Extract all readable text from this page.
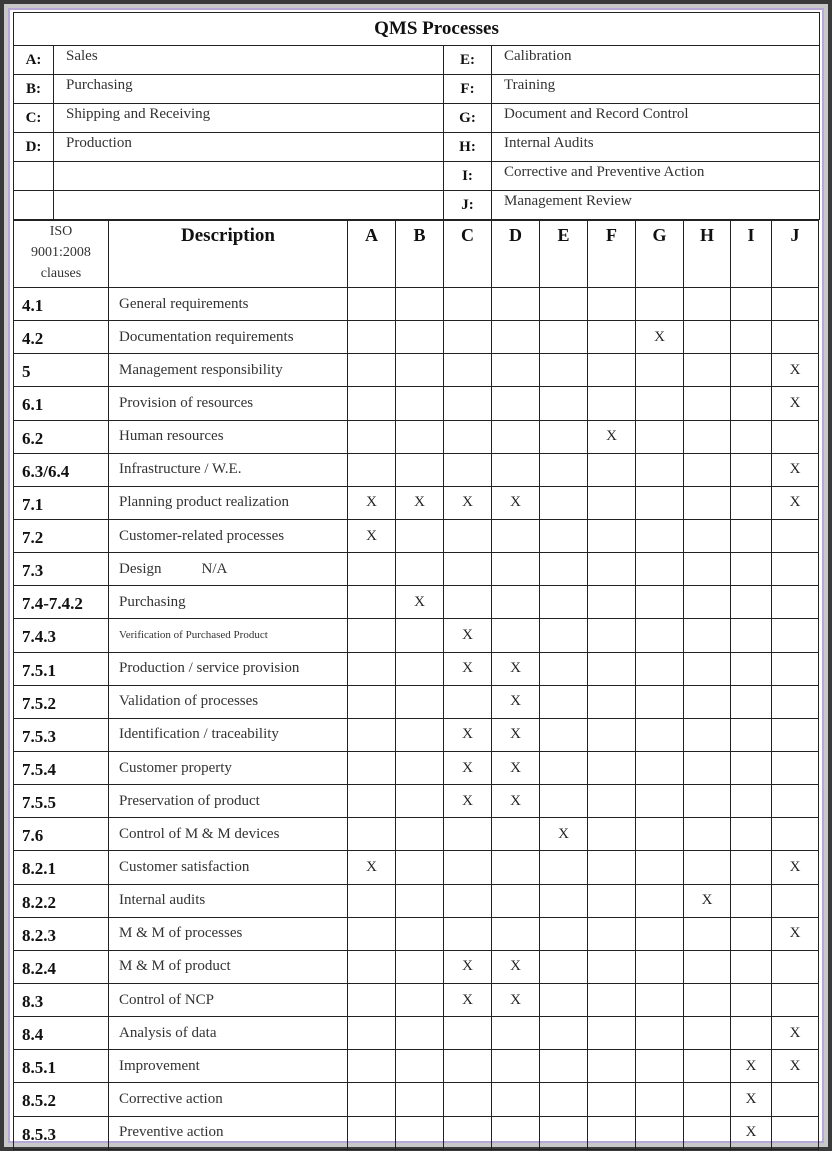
QMS Processes			
A:	Sales	E:	Calibration
B:	Purchasing	F:	Training
C:	Shipping and Receiving	G:	Document and Record Control
D:	Production	H:	Internal Audits
		I:	Corrective and Preventive Action
		J:	Management Review
ISO
9001:2008
clauses	Description	A	B	C	D	E	F	G	H	I	J
4.1	General requirements										
4.2	Documentation requirements							X			
5	Management responsibility										X
6.1	Provision of resources										X
6.2	Human resources						X				
6.3/6.4	Infrastructure / W.E.										X
7.1	Planning product realization	X	X	X	X						X
7.2	Customer-related processes	X									
7.3	Design N/A										
7.4-7.4.2	Purchasing		X								
7.4.3	Verification of Purchased Product			X							
7.5.1	Production / service provision			X	X						
7.5.2	Validation of processes				X						
7.5.3	Identification / traceability			X	X						
7.5.4	Customer property			X	X						
7.5.5	Preservation of product			X	X						
7.6	Control of M & M devices					X					
8.2.1	Customer satisfaction	X									X
8.2.2	Internal audits								X		
8.2.3	M & M of processes										X
8.2.4	M & M of product			X	X						
8.3	Control of NCP			X	X						
8.4	Analysis of data										X
8.5.1	Improvement									X	X
8.5.2	Corrective action									X	
8.5.3	Preventive action									X	
